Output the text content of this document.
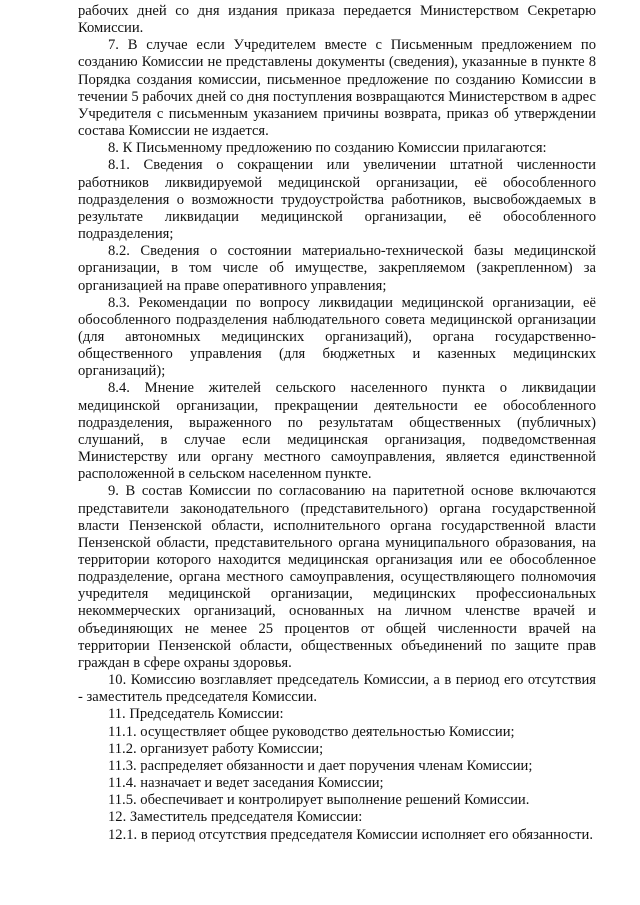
рабочих дней со дня издания приказа передается Министерством Секретарю Комиссии.

7. В случае если Учредителем вместе с Письменным предложением по созданию Комиссии не представлены документы (сведения), указанные в пункте 8 Порядка создания комиссии, письменное предложение по созданию Комиссии в течении 5 рабочих дней со дня поступления возвращаются Министерством в адрес Учредителя с письменным указанием причины возврата, приказ об утверждении состава Комиссии не издается.

8. К Письменному предложению по созданию Комиссии прилагаются:

8.1. Сведения о сокращении или увеличении штатной численности работников ликвидируемой медицинской организации, её обособленного подразделения о возможности трудоустройства работников, высвобождаемых в результате ликвидации медицинской организации, её обособленного подразделения;

8.2. Сведения о состоянии материально-технической базы медицинской организации, в том числе об имуществе, закрепляемом (закрепленном) за организацией на праве оперативного управления;

8.3. Рекомендации по вопросу ликвидации медицинской организации, её обособленного подразделения наблюдательного совета медицинской организации (для автономных медицинских организаций), органа государственно-общественного управления (для бюджетных и казенных медицинских организаций);

8.4. Мнение жителей сельского населенного пункта о ликвидации медицинской организации, прекращении деятельности ее обособленного подразделения, выраженного по результатам общественных (публичных) слушаний, в случае если медицинская организация, подведомственная Министерству или органу местного самоуправления, является единственной расположенной в сельском населенном пункте.

9. В состав Комиссии по согласованию на паритетной основе включаются представители законодательного (представительного) органа государственной власти Пензенской области, исполнительного органа государственной власти Пензенской области, представительного органа муниципального образования, на территории которого находится медицинская организация или ее обособленное подразделение, органа местного самоуправления, осуществляющего полномочия учредителя медицинской организации, медицинских профессиональных некоммерческих организаций, основанных на личном членстве врачей и объединяющих не менее 25 процентов от общей численности врачей на территории Пензенской области, общественных объединений по защите прав граждан в сфере охраны здоровья.

10. Комиссию возглавляет председатель Комиссии, а в период его отсутствия - заместитель председателя Комиссии.

11. Председатель Комиссии:

11.1. осуществляет общее руководство деятельностью Комиссии;

11.2. организует работу Комиссии;

11.3. распределяет обязанности и дает поручения членам Комиссии;

11.4. назначает и ведет заседания Комиссии;

11.5. обеспечивает и контролирует выполнение решений Комиссии.

12. Заместитель председателя Комиссии:

12.1. в период отсутствия председателя Комиссии исполняет его обязанности.
